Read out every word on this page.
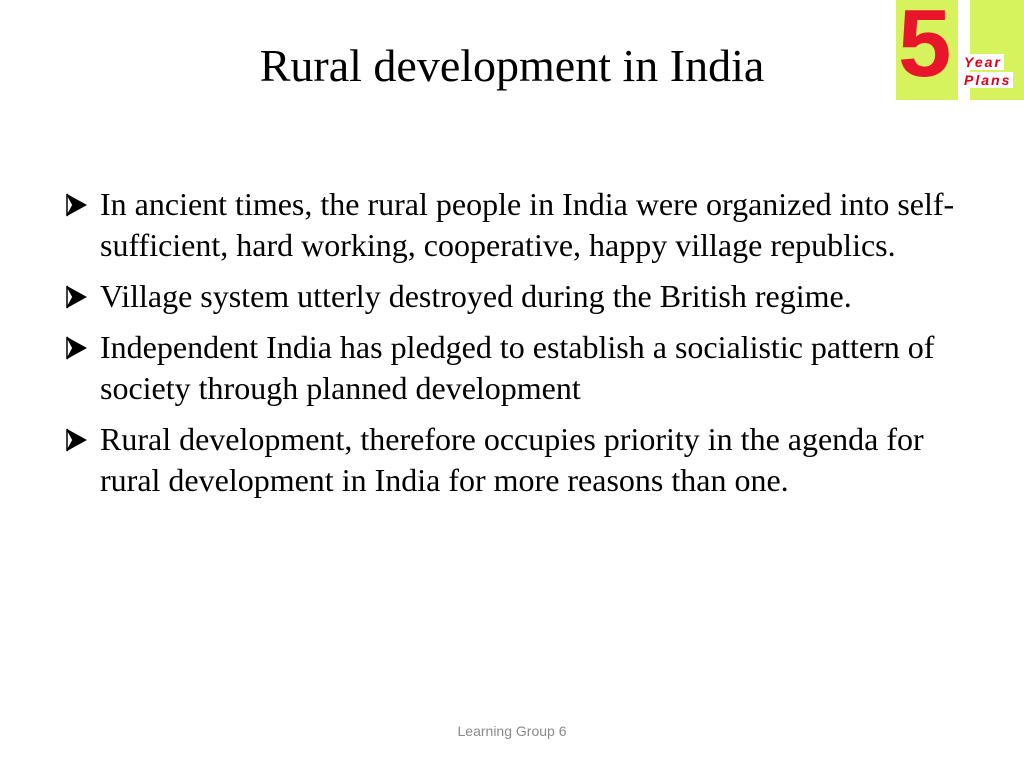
Rural development in India	5 Year
Plans
In ancient times, the rural people in India were organized into self-sufficient, hard working, cooperative, happy village republics.
Village system utterly destroyed during the British regime.
Independent India has pledged to establish a socialistic pattern of society through planned development
Rural development, therefore occupies priority in the agenda for rural development in India for more reasons than one.
Learning Group 6
